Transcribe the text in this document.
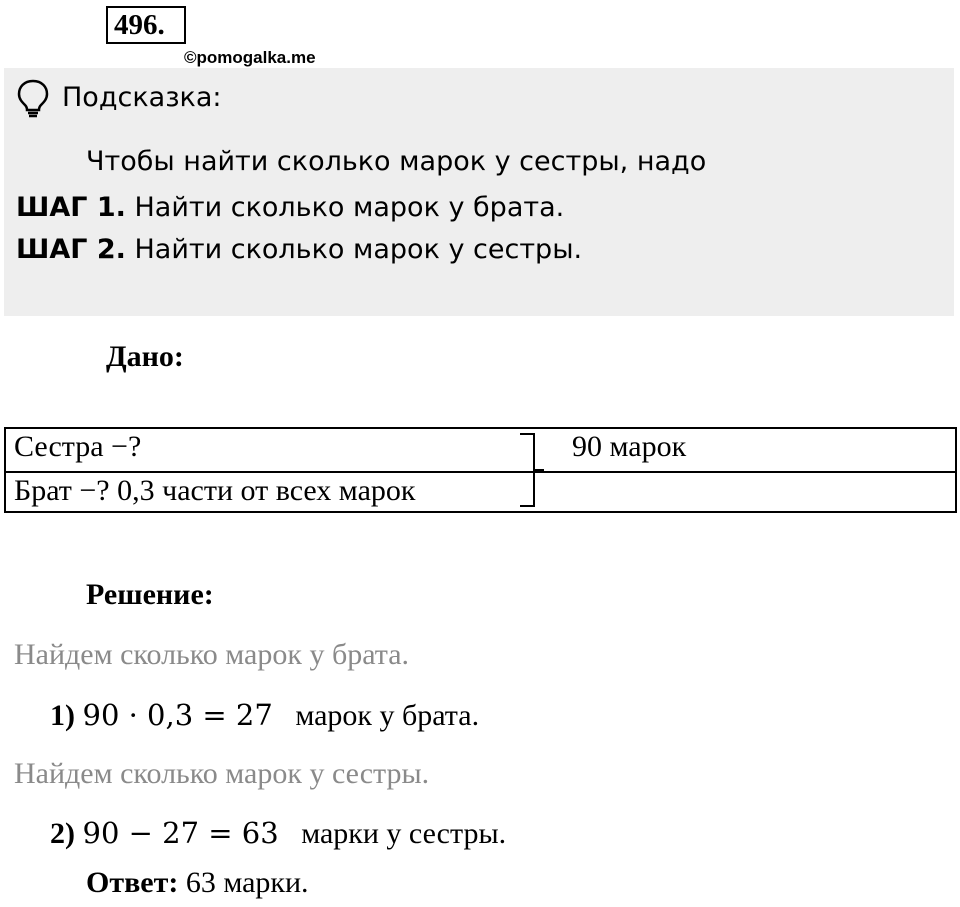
496.
©pomogalka.me
Подсказка:
Чтобы найти сколько марок у сестры, надо
ШАГ 1. Найти сколько марок у брата.
ШАГ 2. Найти сколько марок у сестры.
Дано:
Сестра −?
Брат −? 0,3 части от всех марок
90 марок
Решение:
Найдем сколько марок у брата.
1) 90 · 0,3 = 27 марок у брата.
Найдем сколько марок у сестры.
2) 90 − 27 = 63 марки у сестры.
Ответ: 63 марки.
